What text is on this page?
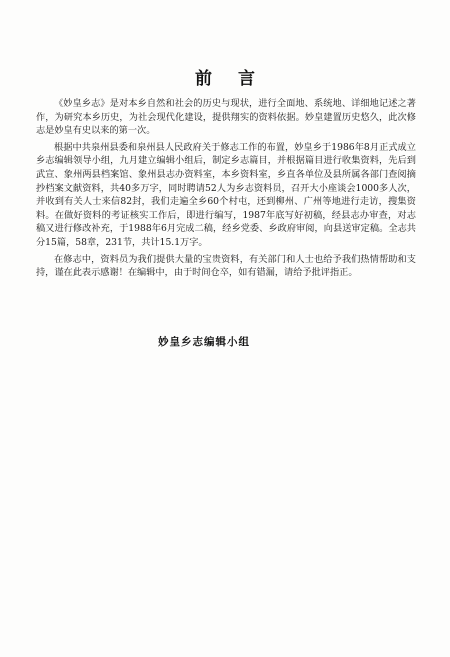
前言

《妙皇乡志》是对本乡自然和社会的历史与现状，进行全面地、系统地、详细地记述之著作，为研究本乡历史，为社会现代化建设，提供翔实的资料依据。妙皇建置历史悠久，此次修志是妙皇有史以来的第一次。

根据中共泉州县委和泉州县人民政府关于修志工作的布置，妙皇乡于1986年8月正式成立乡志编辑领导小组，九月建立编辑小组后，制定乡志篇目，并根据篇目进行收集资料，先后到武宣、象州两县档案馆、象州县志办资料室，本乡资料室，乡直各单位及县所属各部门查阅摘抄档案文献资料，共40多万字，同时聘请52人为乡志资料员，召开大小座谈会1000多人次，并收到有关人士来信82封，我们走遍全乡60个村屯，还到柳州、广州等地进行走访，搜集资料。在做好资料的考证核实工作后，即进行编写，1987年底写好初稿，经县志办审查，对志稿又进行修改补充，于1988年6月完成二稿，经乡党委、乡政府审阅，向县送审定稿。全志共分15篇，58章，231节，共计15.1万字。

在修志中，资料员为我们提供大量的宝贵资料，有关部门和人士也给予我们热情帮助和支持，谨在此表示感谢！在编辑中，由于时间仓卒，如有错漏，请给予批评指正。

妙皇乡志编辑小组
